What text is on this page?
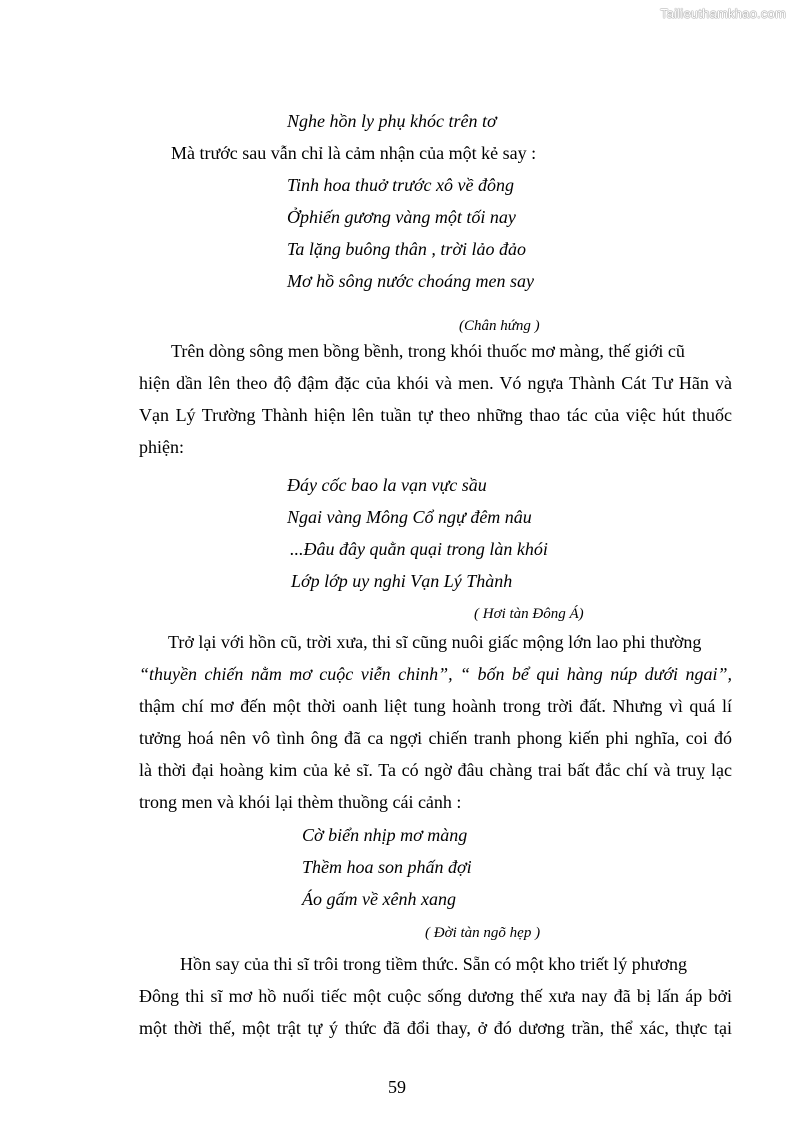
Tailieuthamkhao.com
Nghe hồn ly phụ khóc trên tơ
Mà trước sau vẫn chỉ là cảm nhận của một kẻ say :
Tinh hoa thuở trước xô về đông
Ởphiến gương vàng một tối nay
Ta lặng buông thân , trời lảo đảo
Mơ hồ sông nước choáng men say
(Chân hứng )
Trên dòng sông men bồng bềnh, trong khói thuốc mơ màng, thế giới cũ
hiện dần lên theo độ đậm đặc của khói và men. Vó ngựa Thành Cát Tư Hãn và
Vạn Lý Trường Thành hiện lên tuần tự theo những thao tác của việc hút thuốc
phiện:
Đáy cốc bao la vạn vực sầu
Ngai vàng Mông Cổ ngự đêm nâu
...Đâu đây quằn quại trong làn khói
Lớp lớp uy nghi Vạn Lý Thành
( Hơi tàn Đông Á)
Trở lại với hồn cũ, trời xưa, thi sĩ cũng nuôi giấc mộng lớn lao phi thường
“thuyền chiến nằm mơ cuộc viễn chinh”, “ bốn bể qui hàng núp dưới ngai”,
thậm chí mơ đến một thời oanh liệt tung hoành trong trời đất. Nhưng vì quá lí
tưởng hoá nên vô tình ông đã ca ngợi chiến tranh phong kiến phi nghĩa, coi đó
là thời đại hoàng kim của kẻ sĩ. Ta có ngờ đâu chàng trai bất đắc chí và truỵ lạc
trong men và khói lại thèm thuồng cái cảnh :
Cờ biển nhịp mơ màng
Thềm hoa son phấn đợi
Áo gấm về xênh xang
( Đời tàn ngõ hẹp )
Hồn say của thi sĩ trôi trong tiềm thức. Sẵn có một kho triết lý phương
Đông thi sĩ mơ hồ nuối tiếc một cuộc sống dương thế xưa nay đã bị lấn áp bởi
một thời thế, một trật tự ý thức đã đổi thay, ở đó dương trần, thể xác, thực tại
59
